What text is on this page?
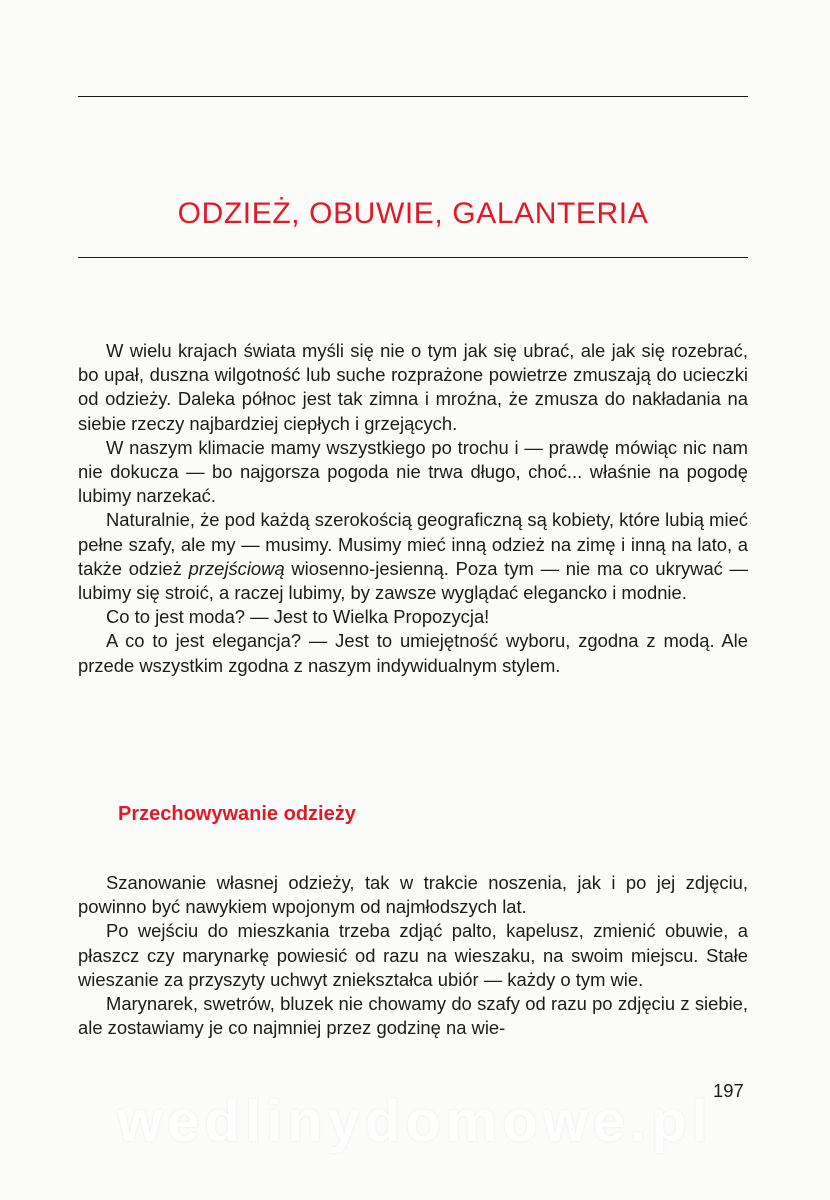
ODZIEŻ, OBUWIE, GALANTERIA

W wielu krajach świata myśli się nie o tym jak się ubrać, ale jak się rozebrać, bo upał, duszna wilgotność lub suche rozprażone powietrze zmuszają do ucieczki od odzieży. Daleka północ jest tak zimna i mroźna, że zmusza do nakładania na siebie rzeczy najbardziej ciepłych i grzejących.

W naszym klimacie mamy wszystkiego po trochu i — prawdę mówiąc nic nam nie dokucza — bo najgorsza pogoda nie trwa długo, choć... właśnie na pogodę lubimy narzekać.

Naturalnie, że pod każdą szerokością geograficzną są kobiety, które lubią mieć pełne szafy, ale my — musimy. Musimy mieć inną odzież na zimę i inną na lato, a także odzież przejściową wiosenno-jesienną. Poza tym — nie ma co ukrywać — lubimy się stroić, a raczej lubimy, by zawsze wyglądać elegancko i modnie.

Co to jest moda? — Jest to Wielka Propozycja!

A co to jest elegancja? — Jest to umiejętność wyboru, zgodna z modą. Ale przede wszystkim zgodna z naszym indywidualnym stylem.

Przechowywanie odzieży

Szanowanie własnej odzieży, tak w trakcie noszenia, jak i po jej zdjęciu, powinno być nawykiem wpojonym od najmłodszych lat.

Po wejściu do mieszkania trzeba zdjąć palto, kapelusz, zmienić obuwie, a płaszcz czy marynarkę powiesić od razu na wieszaku, na swoim miejscu. Stałe wieszanie za przyszyty uchwyt zniekształca ubiór — każdy o tym wie.

Marynarek, swetrów, bluzek nie chowamy do szafy od razu po zdjęciu z siebie, ale zostawiamy je co najmniej przez godzinę na wie-

wedlinydomowe.pl 197
